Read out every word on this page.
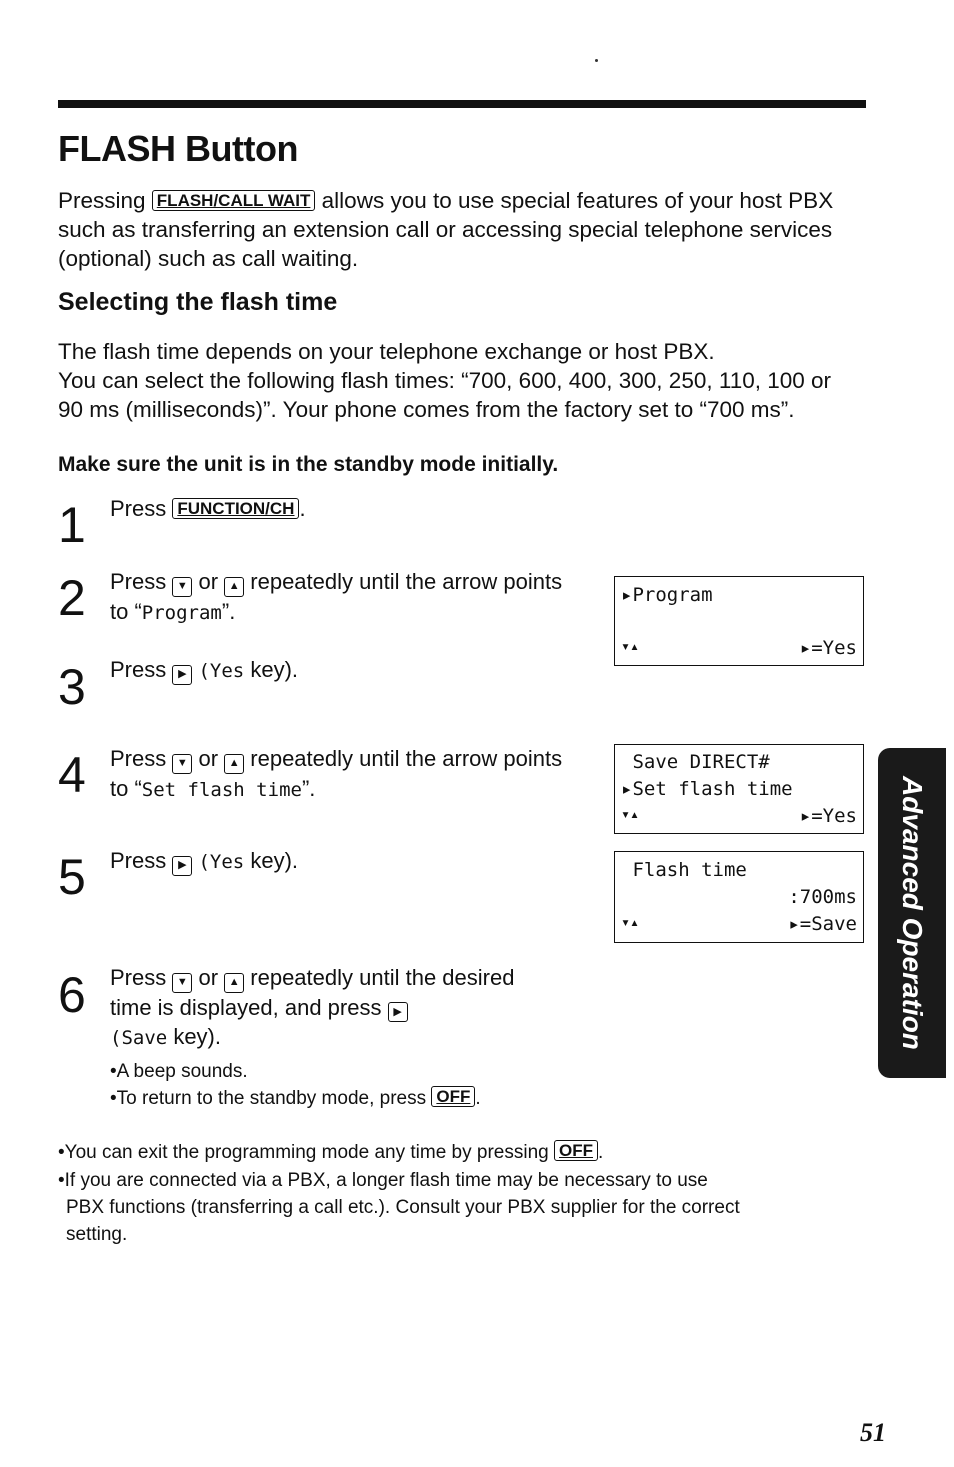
FLASH Button

Pressing FLASH/CALL WAIT allows you to use special features of your host PBX such as transferring an extension call or accessing special telephone services (optional) such as call waiting.

Selecting the flash time

The flash time depends on your telephone exchange or host PBX.
You can select the following flash times: “700, 600, 400, 300, 250, 110, 100 or 90 ms (milliseconds)”. Your phone comes from the factory set to “700 ms”.

Make sure the unit is in the standby mode initially.

1 Press FUNCTION/CH .

2 Press ▼ or ▲ repeatedly until the arrow points to “Program”.

3 Press ▶ (Yes key).

4 Press ▼ or ▲ repeatedly until the arrow points to “Set flash time”.

5 Press ▶ (Yes key).

6 Press ▼ or ▲ repeatedly until the desired time is displayed, and press ▶
(Save key).

•A beep sounds.

•To return to the standby mode, press OFF .

•You can exit the programming mode any time by pressing OFF .

•If you are connected via a PBX, a longer flash time may be necessary to use

PBX functions (transferring a call etc.). Consult your PBX supplier for the correct

setting.

▸Program
▾▴	▸=Yes
Save DIRECT#
▸Set flash time
▾▴	▸=Yes
Flash time
:700ms
▾▴	▸=Save Advanced Operation
51
